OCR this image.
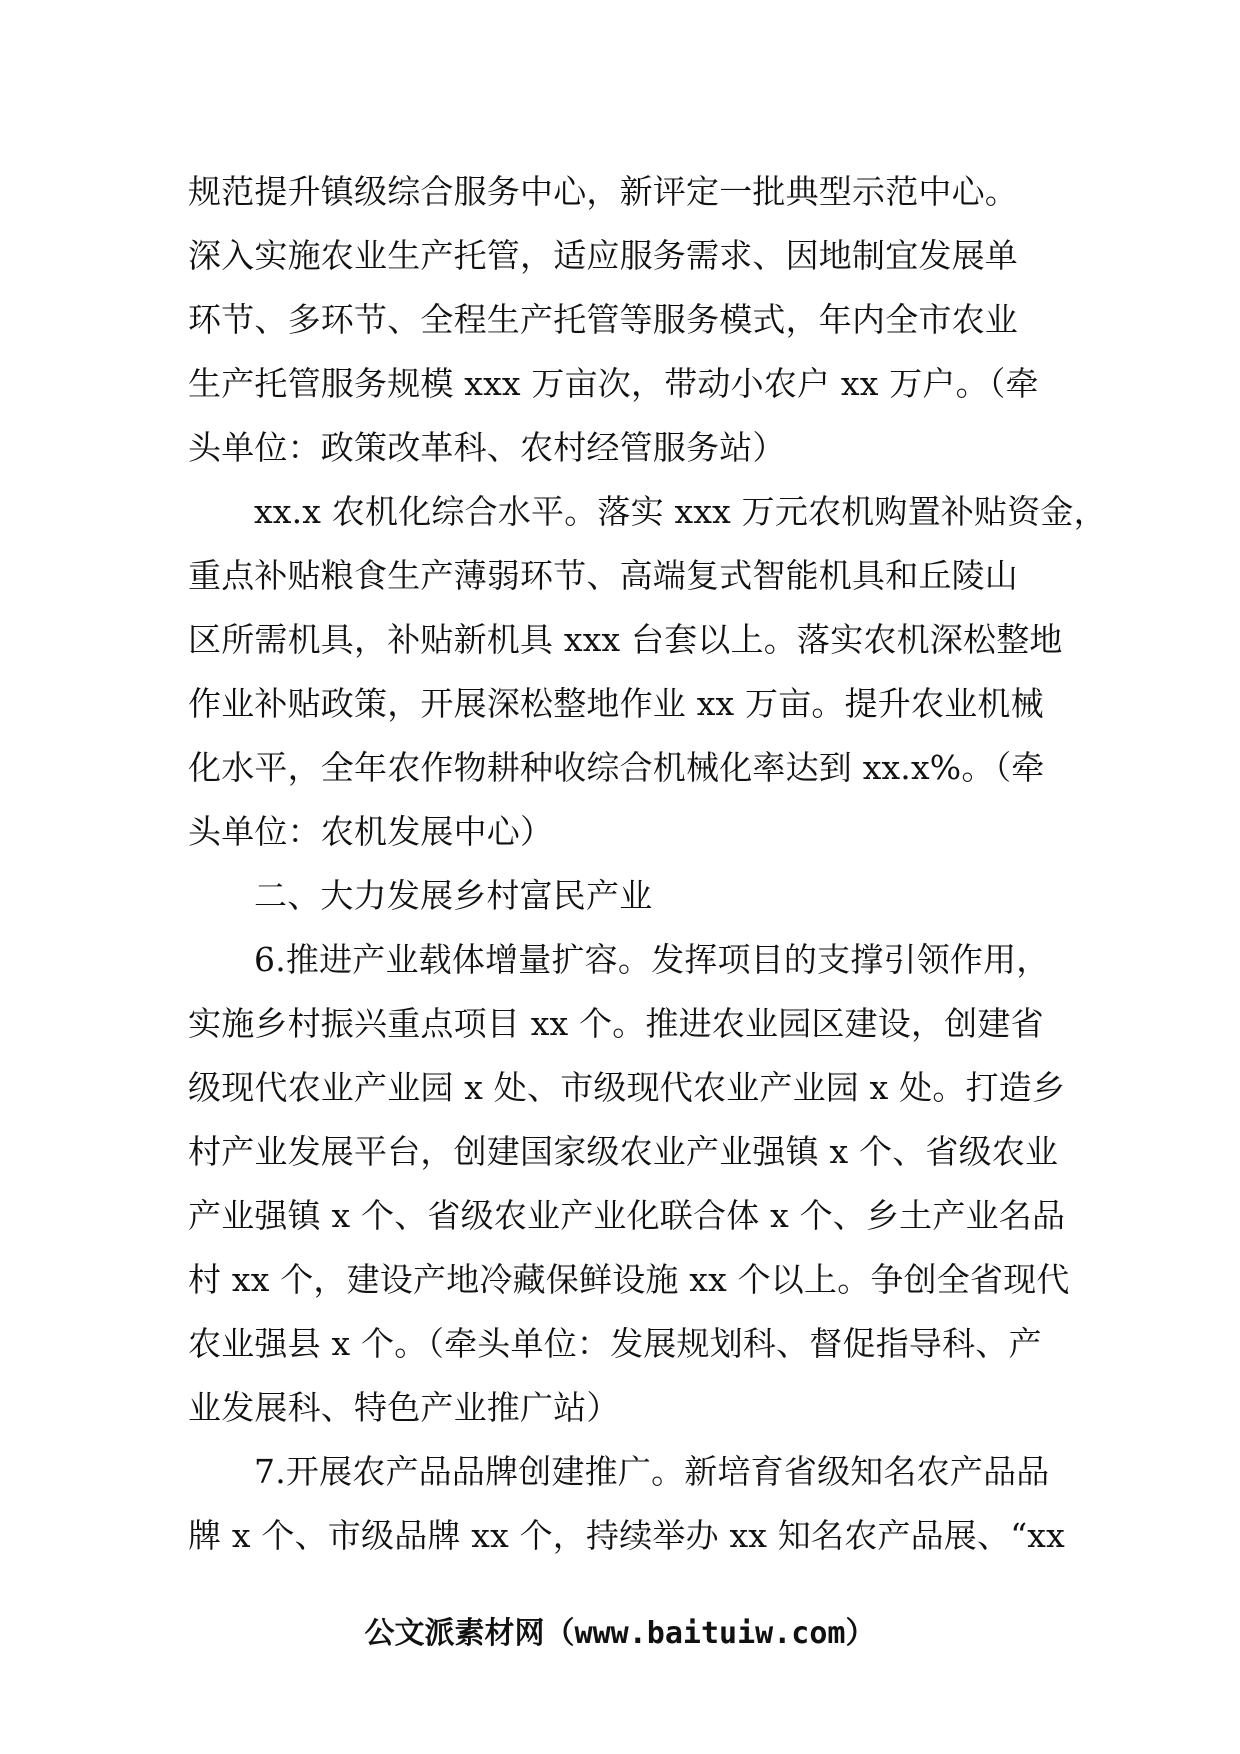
规范提升镇级综合服务中心，新评定一批典型示范中心。
深入实施农业生产托管，适应服务需求、因地制宜发展单
环节、多环节、全程生产托管等服务模式，年内全市农业
生产托管服务规模 xxx 万亩次，带动小农户 xx 万户。（牵
头单位：政策改革科、农村经管服务站）
xx.x 农机化综合水平。落实 xxx 万元农机购置补贴资金，
重点补贴粮食生产薄弱环节、高端复式智能机具和丘陵山
区所需机具，补贴新机具 xxx 台套以上。落实农机深松整地
作业补贴政策，开展深松整地作业 xx 万亩。提升农业机械
化水平，全年农作物耕种收综合机械化率达到 xx.x%。（牵
头单位：农机发展中心）
二、大力发展乡村富民产业
6.推进产业载体增量扩容。发挥项目的支撑引领作用，
实施乡村振兴重点项目 xx 个。推进农业园区建设，创建省
级现代农业产业园 x 处、市级现代农业产业园 x 处。打造乡
村产业发展平台，创建国家级农业产业强镇 x 个、省级农业
产业强镇 x 个、省级农业产业化联合体 x 个、乡土产业名品
村 xx 个，建设产地冷藏保鲜设施 xx 个以上。争创全省现代
农业强县 x 个。（牵头单位：发展规划科、督促指导科、产
业发展科、特色产业推广站）
7.开展农产品品牌创建推广。新培育省级知名农产品品
牌 x 个、市级品牌 xx 个，持续举办 xx 知名农产品展、“xx
公文派素材网（www.baituiw.com）
